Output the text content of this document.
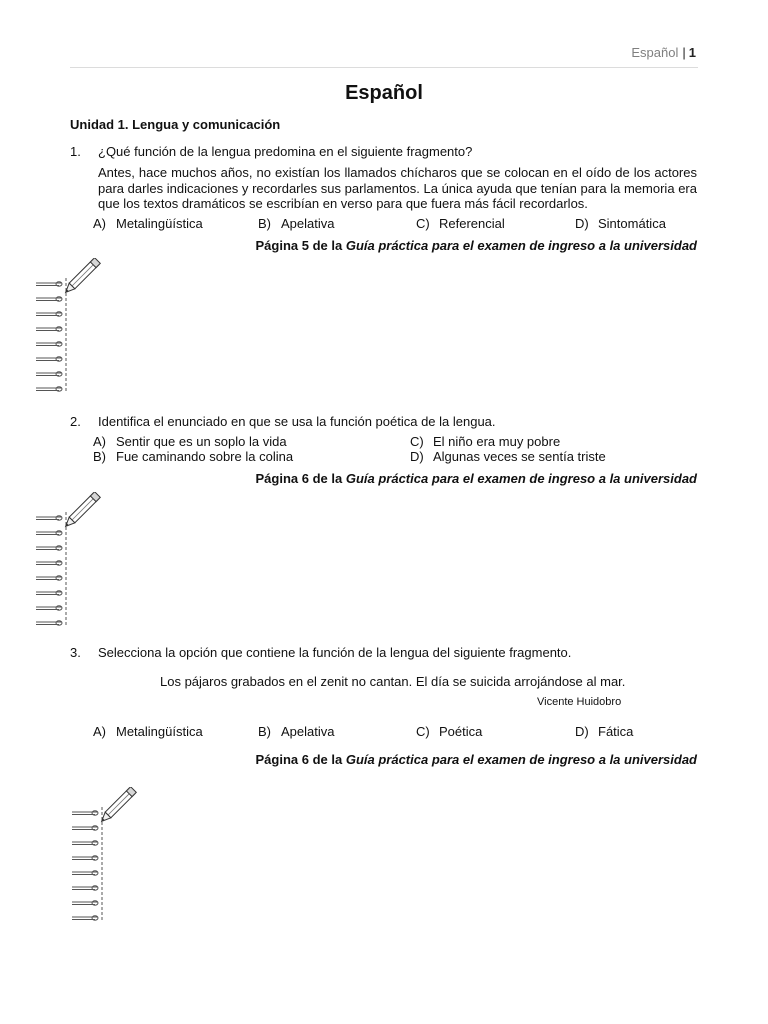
Español | 1
Español
Unidad 1. Lengua y comunicación
1. ¿Qué función de la lengua predomina en el siguiente fragmento?
Antes, hace muchos años, no existían los llamados chícharos que se colocan en el oído de los actores para darles indicaciones y recordarles sus parlamentos. La única ayuda que tenían para la memoria era que los textos dramáticos se escribían en verso para que fuera más fácil recordarlos.
A) Metalingüística	B) Apelativa	C) Referencial	D) Sintomática
Página 5 de la Guía práctica para el examen de ingreso a la universidad
2. Identifica el enunciado en que se usa la función poética de la lengua.
A) Sentir que es un soplo la vida
B) Fue caminando sobre la colina
C) El niño era muy pobre
D) Algunas veces se sentía triste
Página 6 de la Guía práctica para el examen de ingreso a la universidad
3. Selecciona la opción que contiene la función de la lengua del siguiente fragmento.
Los pájaros grabados en el zenit no cantan. El día se suicida arrojándose al mar.
Vicente Huidobro
A) Metalingüística	B) Apelativa	C) Poética	D) Fática
Página 6 de la Guía práctica para el examen de ingreso a la universidad
